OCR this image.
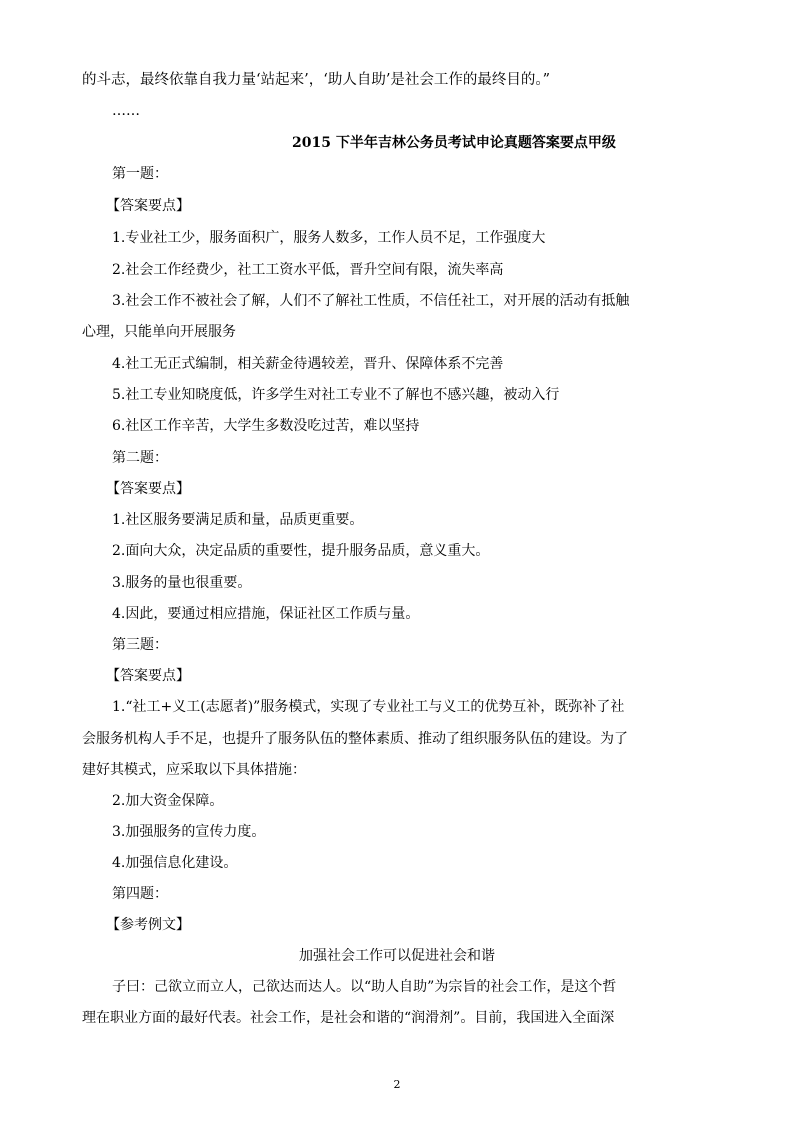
的斗志，最终依靠自我力量‘站起来’，‘助人自助’是社会工作的最终目的。”
……
2015 下半年吉林公务员考试申论真题答案要点甲级
第一题：
【答案要点】
1.专业社工少，服务面积广，服务人数多，工作人员不足，工作强度大
2.社会工作经费少，社工工资水平低，晋升空间有限，流失率高
3.社会工作不被社会了解，人们不了解社工性质，不信任社工，对开展的活动有抵触
心理，只能单向开展服务
4.社工无正式编制，相关薪金待遇较差，晋升、保障体系不完善
5.社工专业知晓度低，许多学生对社工专业不了解也不感兴趣，被动入行
6.社区工作辛苦，大学生多数没吃过苦，难以坚持
第二题：
【答案要点】
1.社区服务要满足质和量，品质更重要。
2.面向大众，决定品质的重要性，提升服务品质，意义重大。
3.服务的量也很重要。
4.因此，要通过相应措施，保证社区工作质与量。
第三题：
【答案要点】
1.“社工+义工(志愿者)”服务模式，实现了专业社工与义工的优势互补，既弥补了社
会服务机构人手不足，也提升了服务队伍的整体素质、推动了组织服务队伍的建设。为了
建好其模式，应采取以下具体措施：
2.加大资金保障。
3.加强服务的宣传力度。
4.加强信息化建设。
第四题：
【参考例文】
加强社会工作可以促进社会和谐
子曰：己欲立而立人，己欲达而达人。以“助人自助”为宗旨的社会工作，是这个哲
理在职业方面的最好代表。社会工作，是社会和谐的“润滑剂”。目前，我国进入全面深
2
